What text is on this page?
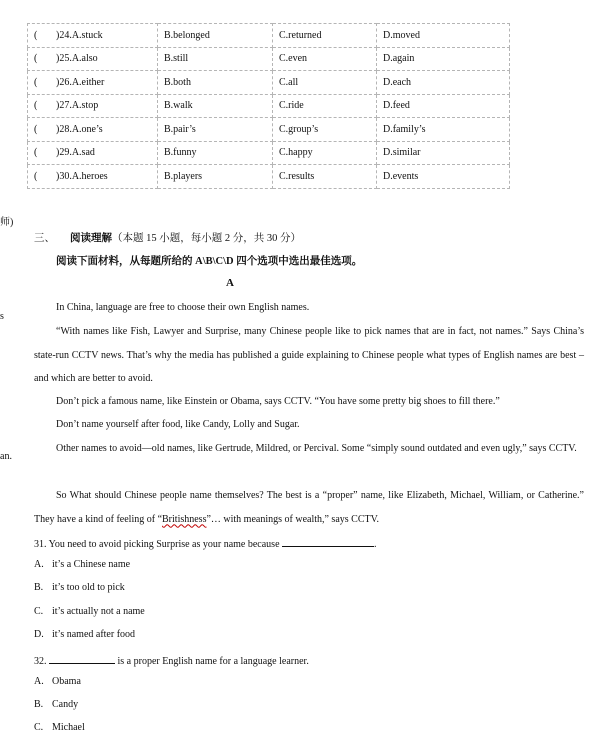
( )24.A.stuck	B.belonged	C.returned	D.moved
( )25.A.also	B.still	C.even	D.again
( )26.A.either	B.both	C.all	D.each
( )27.A.stop	B.walk	C.ride	D.feed
( )28.A.one’s	B.pair’s	C.group’s	D.family’s
( )29.A.sad	B.funny	C.happy	D.similar
( )30.A.heroes	B.players	C.results	D.events
师)
s
an.
三、 阅读理解（本题 15 小题，每小题 2 分，共 30 分）
阅读下面材料，从每题所给的 A\B\C\D 四个选项中选出最佳选项。
A
In China, language are free to choose their own English names.
“With names like Fish, Lawyer and Surprise, many Chinese people like to pick names that are in fact, not names.” Says China’s state-run CCTV news. That’s why the media has published a guide explaining to Chinese people what types of English names are best – and which are better to avoid.
Don’t pick a famous name, like Einstein or Obama, says CCTV. “You have some pretty big shoes to fill there.”
Don’t name yourself after food, like Candy, Lolly and Sugar.
Other names to avoid—old names, like Gertrude, Mildred, or Percival. Some “simply sound outdated and even ugly,” says CCTV.
So What should Chinese people name themselves? The best is a “proper” name, like Elizabeth, Michael, William, or Catherine.” They have a kind of feeling of “Britishness”… with meanings of wealth,” says CCTV.
31. You need to avoid picking Surprise as your name because	.
A. it’s a Chinese name
B. it’s too old to pick
C. it’s actually not a name
D. it’s named after food
32.	is a proper English name for a language learner.
A. Obama
B. Candy
C. Michael
